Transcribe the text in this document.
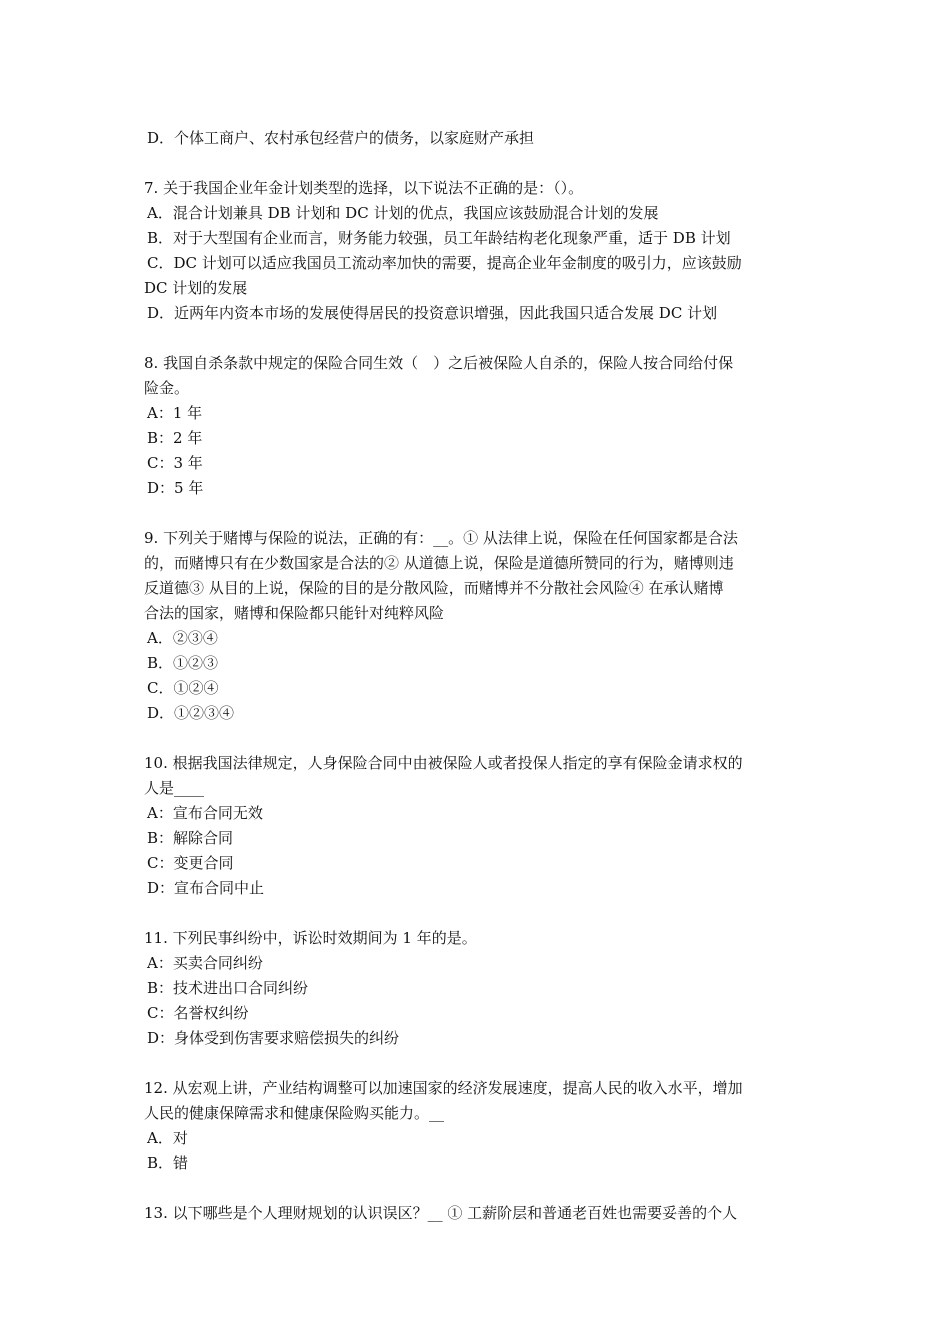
D．个体工商户、农村承包经营户的债务，以家庭财产承担
7. 关于我国企业年金计划类型的选择，以下说法不正确的是：（）。
A．混合计划兼具 DB 计划和 DC 计划的优点，我国应该鼓励混合计划的发展
B．对于大型国有企业而言，财务能力较强，员工年龄结构老化现象严重，适于 DB 计划
C．DC 计划可以适应我国员工流动率加快的需要，提高企业年金制度的吸引力，应该鼓励
DC 计划的发展
D．近两年内资本市场的发展使得居民的投资意识增强，因此我国只适合发展 DC 计划
8. 我国自杀条款中规定的保险合同生效（　）之后被保险人自杀的，保险人按合同给付保
险金。
A：1 年
B：2 年
C：3 年
D：5 年
9. 下列关于赌博与保险的说法，正确的有：__。① 从法律上说，保险在任何国家都是合法
的，而赌博只有在少数国家是合法的② 从道德上说，保险是道德所赞同的行为，赌博则违
反道德③ 从目的上说，保险的目的是分散风险，而赌博并不分散社会风险④ 在承认赌博
合法的国家，赌博和保险都只能针对纯粹风险
A．②③④
B．①②③
C．①②④
D．①②③④
10. 根据我国法律规定，人身保险合同中由被保险人或者投保人指定的享有保险金请求权的
人是____
A：宣布合同无效
B：解除合同
C：变更合同
D：宣布合同中止
11. 下列民事纠纷中，诉讼时效期间为 1 年的是。
A：买卖合同纠纷
B：技术进出口合同纠纷
C：名誉权纠纷
D：身体受到伤害要求赔偿损失的纠纷
12. 从宏观上讲，产业结构调整可以加速国家的经济发展速度，提高人民的收入水平，增加
人民的健康保障需求和健康保险购买能力。__
A．对
B．错
13. 以下哪些是个人理财规划的认识误区？__ ① 工薪阶层和普通老百姓也需要妥善的个人
